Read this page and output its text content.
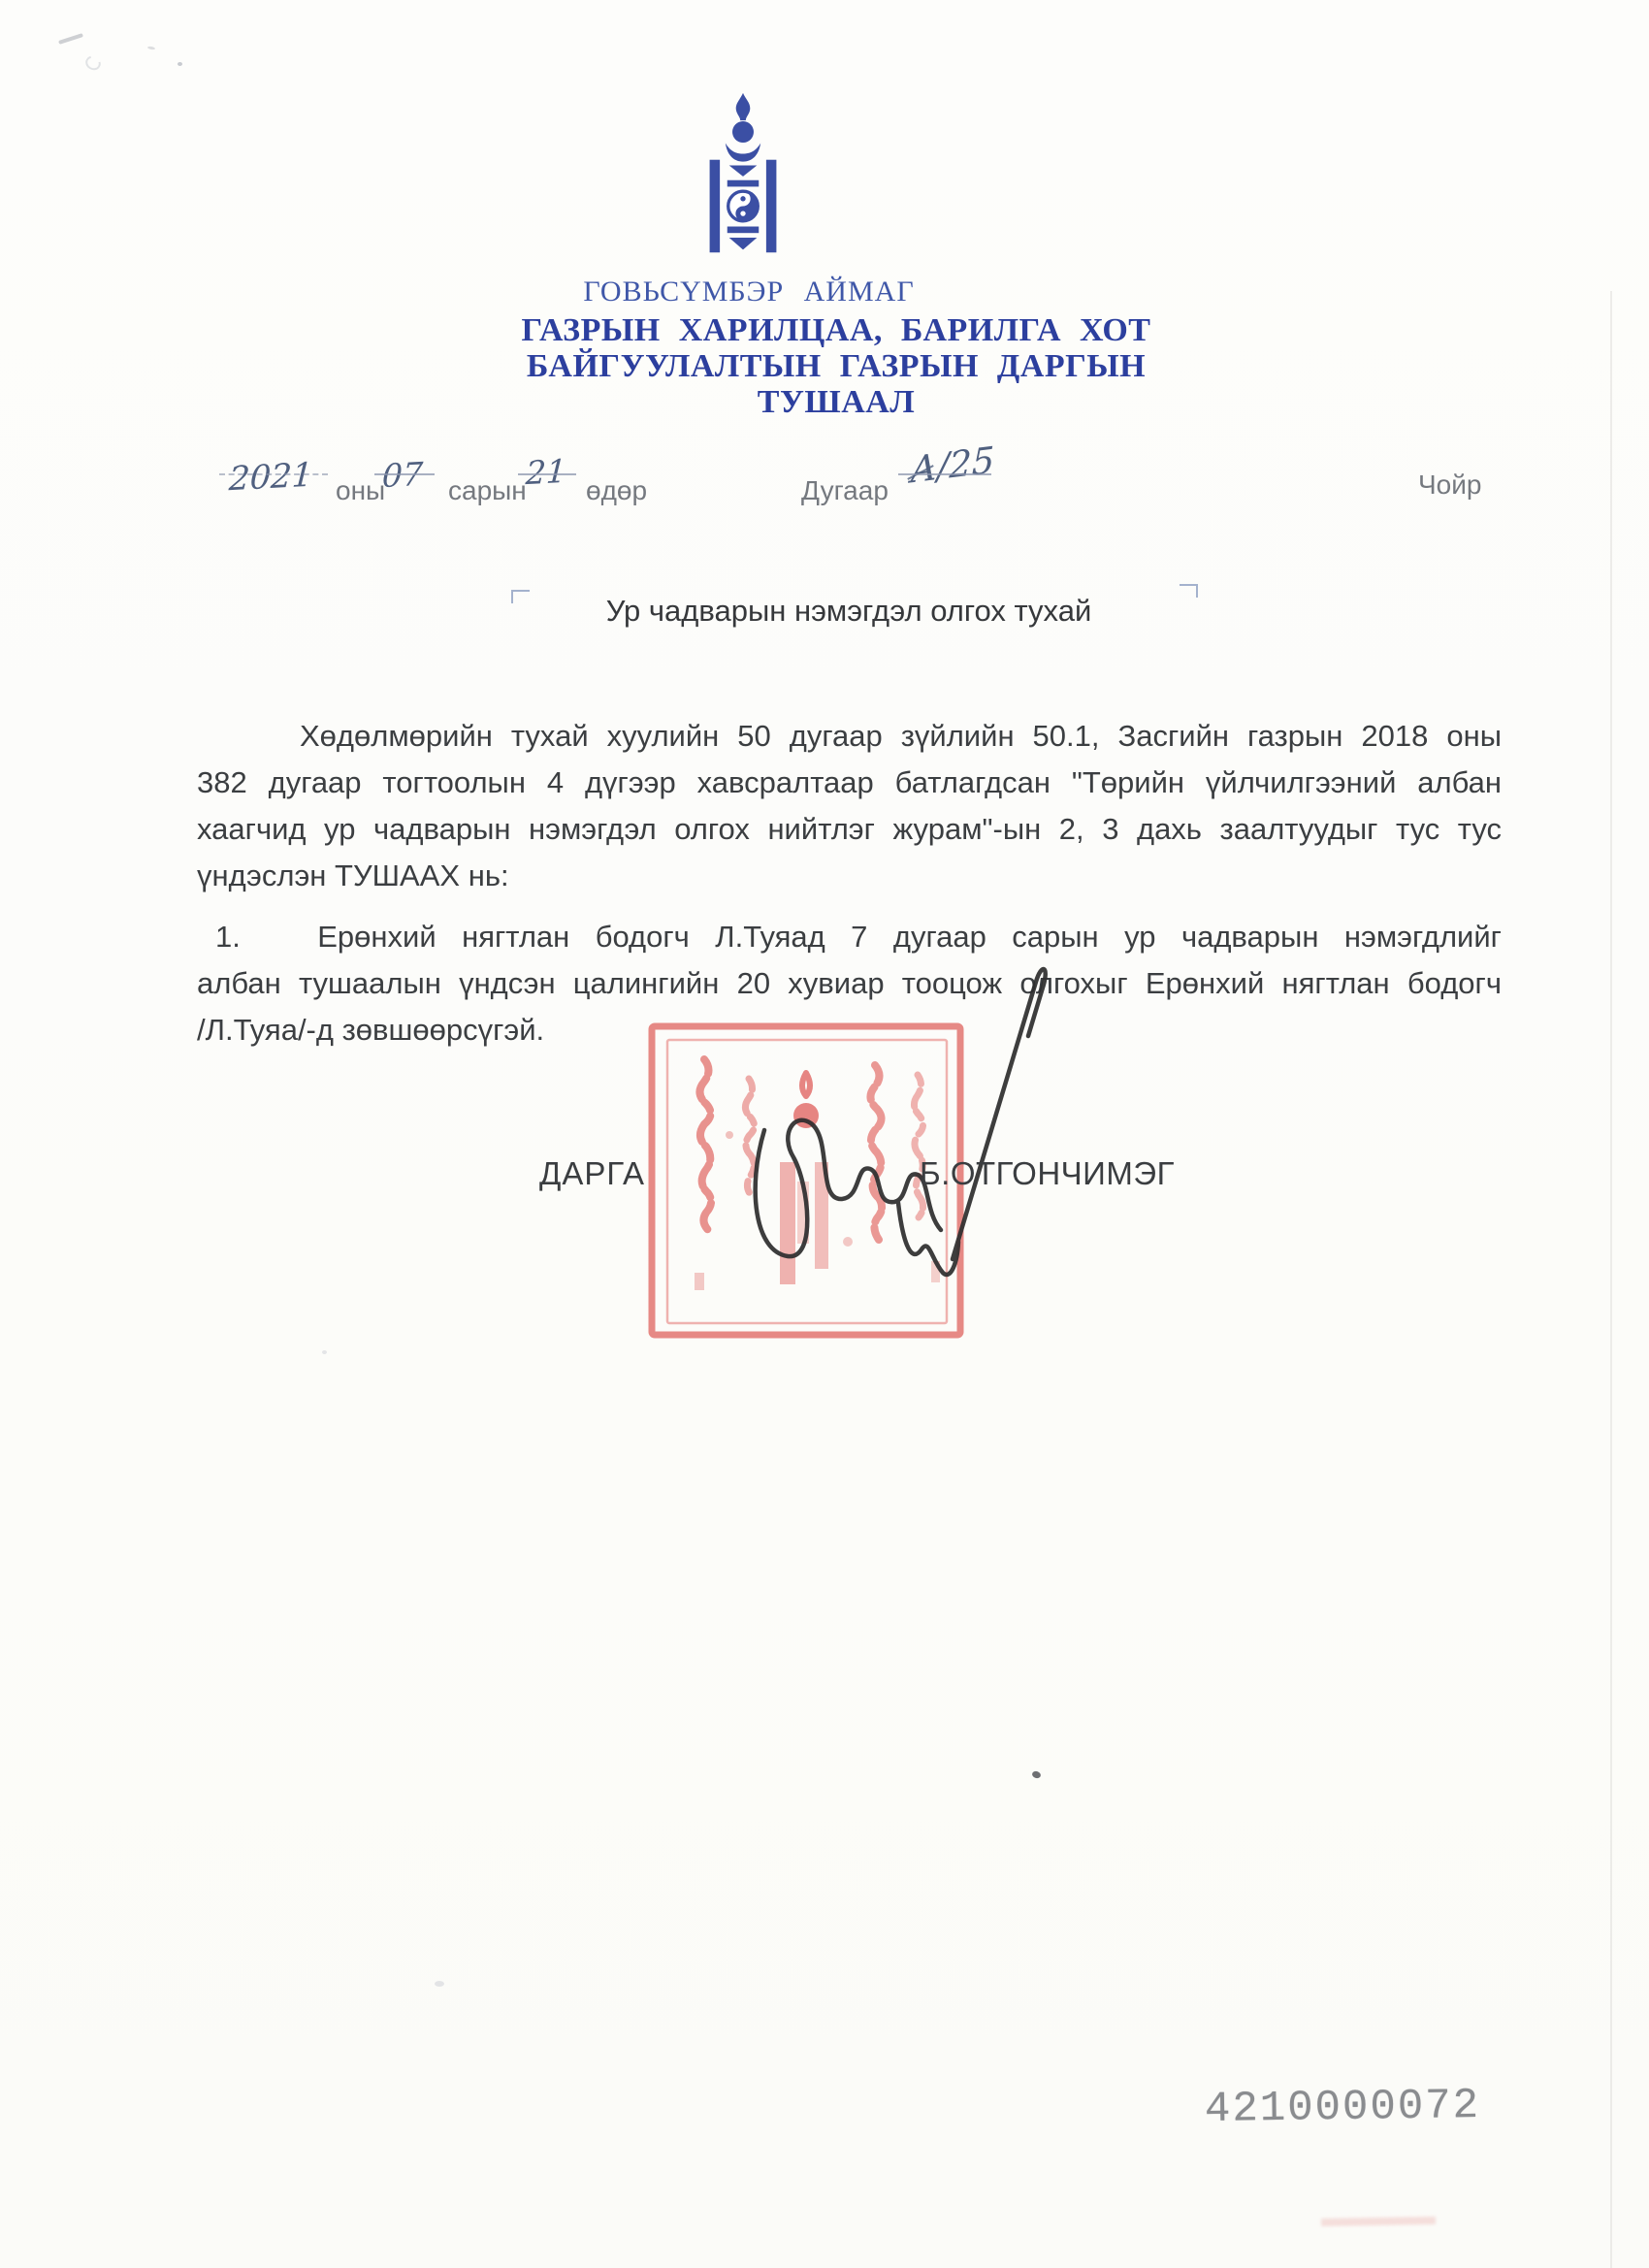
ГОВЬСҮМБЭР АЙМАГ
ГАЗРЫН ХАРИЛЦАА, БАРИЛГА ХОТ
БАЙГУУЛАЛТЫН ГАЗРЫН ДАРГЫН
ТУШААЛ
2021 оны
07 сарын
21 өдөр	Дугаар А/25	Чойр
Ур чадварын нэмэгдэл олгох тухай
Хөдөлмөрийн тухай хуулийн 50 дугаар зүйлийн 50.1, Засгийн газрын 2018 оны
382 дугаар тогтоолын 4 дүгээр хавсралтаар батлагдсан "Төрийн үйлчилгээний албан
хаагчид ур чадварын нэмэгдэл олгох нийтлэг журам"-ын 2, 3 дахь заалтуудыг тус тус
үндэслэн ТУШААХ нь:
1.   Ерөнхий нягтлан бодогч Л.Туяад 7 дугаар сарын ур чадварын нэмэгдлийг
албан тушаалын үндсэн цалингийн 20 хувиар тооцож олгохыг Ерөнхий нягтлан бодогч
/Л.Туяа/-д зөвшөөрсүгэй.
ДАРГА	Б.ОТГОНЧИМЭГ
4210000072
